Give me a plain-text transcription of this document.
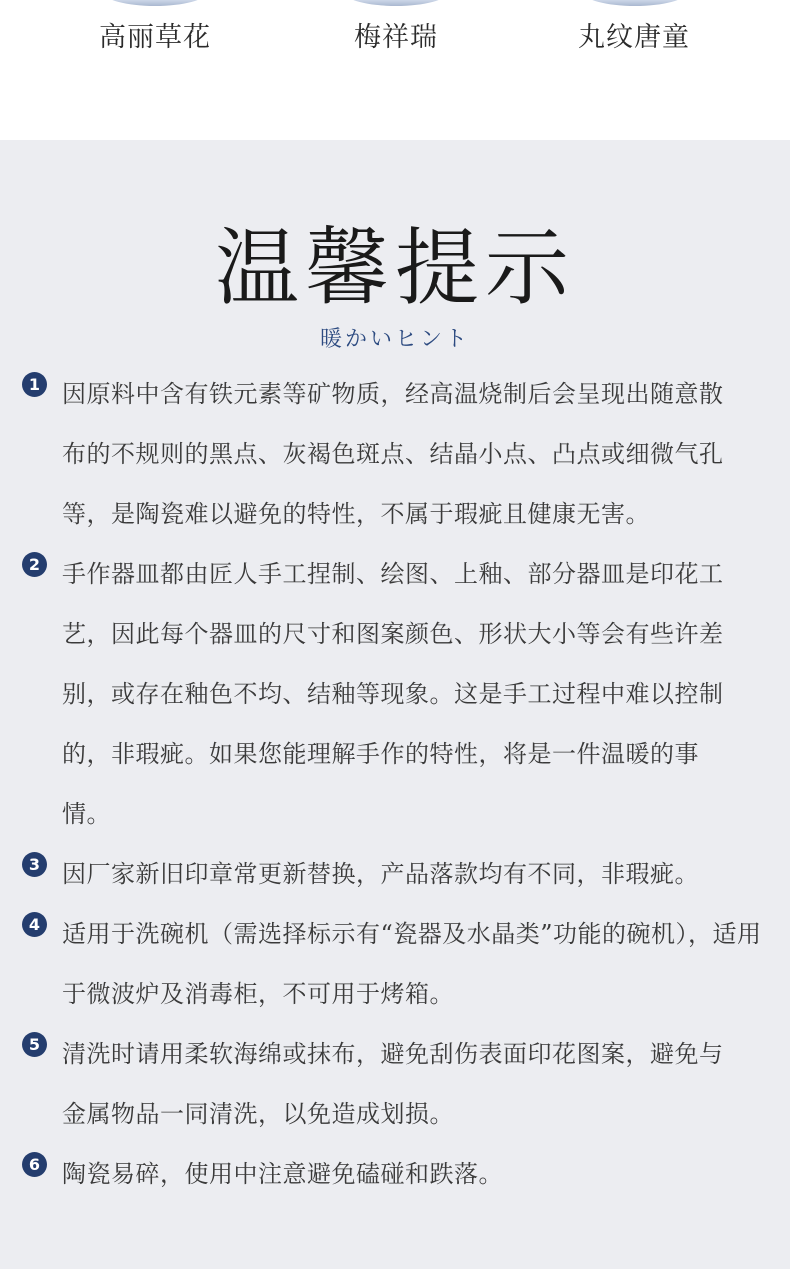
高丽草花	梅祥瑞	丸纹唐童
温馨提示
暖かいヒント
1 因原料中含有铁元素等矿物质，经高温烧制后会呈现出随意散布的不规则的黑点、灰褐色斑点、结晶小点、凸点或细微气孔等，是陶瓷难以避免的特性，不属于瑕疵且健康无害。
2 手作器皿都由匠人手工捏制、绘图、上釉、部分器皿是印花工艺，因此每个器皿的尺寸和图案颜色、形状大小等会有些许差别，或存在釉色不均、结釉等现象。这是手工过程中难以控制的，非瑕疵。如果您能理解手作的特性，将是一件温暖的事情。
3 因厂家新旧印章常更新替换，产品落款均有不同，非瑕疵。
4 适用于洗碗机（需选择标示有“瓷器及水晶类”功能的碗机），适用于微波炉及消毒柜，不可用于烤箱。
5 清洗时请用柔软海绵或抹布，避免刮伤表面印花图案，避免与金属物品一同清洗，以免造成划损。
6 陶瓷易碎，使用中注意避免磕碰和跌落。
